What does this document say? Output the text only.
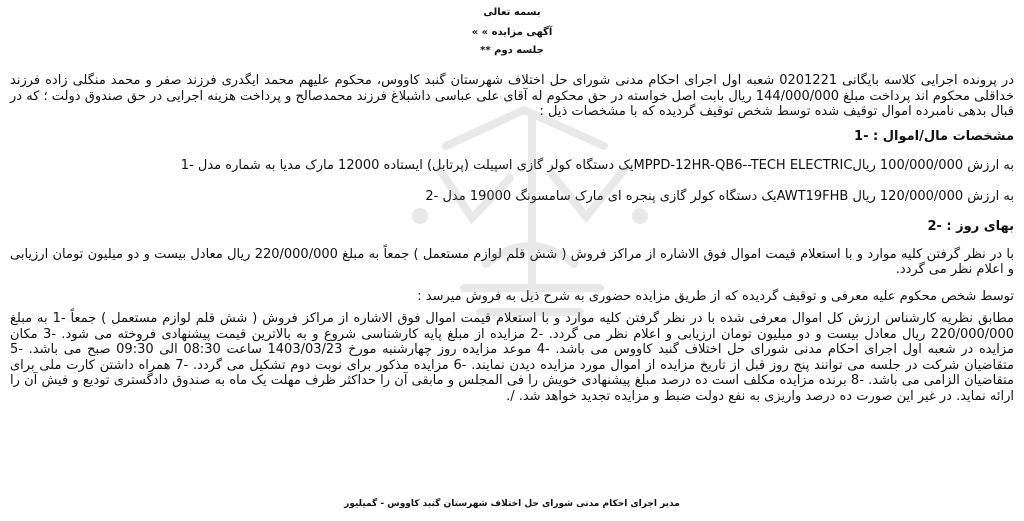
بسمه تعالی

آگهی مزایده » »

جلسه دوم **

در پرونده اجرایی کلاسه بایگانی 0201221 شعبه اول اجرای احکام مدنی شورای حل اختلاف شهرستان گنبد کاووس، محکوم علیهم محمد ایگدری فرزند صفر و محمد منگلی زاده فرزند خداقلی محکوم اند پرداخت مبلغ 144/000/000 ریال بابت اصل خواسته در حق محکوم له آقای علی عباسی داشبلاغ فرزند محمدصالح و پرداخت هزینه اجرایی در حق صندوق دولت ؛ که در قبال بدهی نامبرده اموال توقیف شده توسط شخص توقیف گردیده که با مشخصات ذیل :

مشخصات مال/اموال : -1

به ارزش 100/000/000 ریالMPPD-12HR-QB6--TECH ELECTRICیک دستگاه کولر گازی اسپیلت (پرتابل) ایستاده 12000 مارک مدیا به شماره مدل -1

به ارزش 120/000/000 ریال AWT19FHBیک دستگاه کولر گازی پنجره ای مارک سامسونگ 19000 مدل -2

بهای روز : -2

با در نظر گرفتن کلیه موارد و با استعلام قیمت اموال فوق الاشاره از مراکز فروش ( شش قلم لوازم مستعمل ) جمعاً به مبلغ 220/000/000 ریال معادل بیست و دو میلیون تومان ارزیابی و اعلام نظر می گردد.

توسط شخص محکوم علیه معرفی و توقیف گردیده که از طریق مزایده حضوری به شرح ذیل به فروش میرسد :

مطابق نظریه کارشناس ارزش کل اموال معرفی شده با در نظر گرفتن کلیه موارد و با استعلام قیمت اموال فوق الاشاره از مراکز فروش ( شش قلم لوازم مستعمل ) جمعاً -1 به مبلغ 220/000/000 ریال معادل بیست و دو میلیون تومان ارزیابی و اعلام نظر می گردد. -2 مزایده از مبلغ پایه کارشناسی شروع و به بالاترین قیمت پیشنهادی فروخته می شود. -3 مکان مزایده در شعبه اول اجرای احکام مدنی شورای حل اختلاف گنبد کاووس می باشد. -4 موعد مزایده روز چهارشنبه مورخ 1403/03/23 ساعت 08:30 الی 09:30 صبح می باشد. -5 متقاضیان شرکت در جلسه می توانند پنج روز قبل از تاریخ مزایده از اموال مورد مزایده دیدن نمایند. -6 مزایده مذکور برای نوبت دوم تشکیل می گردد. -7 همراه داشتن کارت ملی برای متقاضیان الزامی می باشد. -8 برنده مزایده مکلف است ده درصد مبلغ پیشنهادی خویش را فی المجلس و مابقی آن را حداکثر ظرف مهلت یک ماه به صندوق دادگستری تودیع و فیش آن را ارائه نماید. در غیر این صورت ده درصد واریزی به نفع دولت ضبط و مزایده تجدید خواهد شد. /.

مدیر اجرای احکام مدنی شورای حل اختلاف شهرستان گنبد کاووس - گمیلیور
